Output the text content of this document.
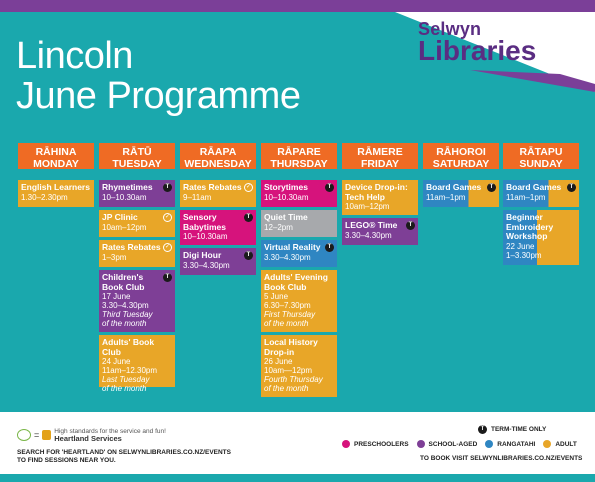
Selwyn
Libraries
Lincoln
June Programme
RĀHINA
MONDAY
English Learners
1.30–2.30pm
RĀTŪ
TUESDAY
Rhymetimes
10–10.30am
T
JP Clinic
10am–12pm
✓
Rates Rebates
1–3pm
✓
Children's
Book Club
17 June
3.30–4.30pm
Third Tuesday
of the month
T
Adults' Book Club
24 June
11am–12.30pm
Last Tuesday
of the month
RĀAPA
WEDNESDAY
Rates Rebates
9–11am
✓
Sensory
Babytimes
10–10.30am
T
Digi Hour
3.30–4.30pm
T
RĀPARE
THURSDAY
Storytimes
10–10.30am
T
Quiet Time
12–2pm
Virtual Reality
3.30–4.30pm
T
Adults' Evening
Book Club
5 June
6.30–7.30pm
First Thursday
of the month
Local History
Drop-in
26 June
10am—12pm
Fourth Thursday
of the month
RĀMERE
FRIDAY
Device Drop-in:
Tech Help
10am–12pm
LEGO® Time
3.30–4.30pm
T
RĀHOROI
SATURDAY
Board Games
11am–1pm
T
RĀTAPU
SUNDAY
Board Games
11am–1pm
T
Beginner
Embroidery
Workshop
22 June
1–3.30pm
= High standards for the service and fun!
Heartland Services
SEARCH FOR 'HEARTLAND' ON SELWYNLIBRARIES.CO.NZ/EVENTS
TO FIND SESSIONS NEAR YOU.
T	TERM-TIME ONLY
PRESCHOOLERS	SCHOOL-AGED	RANGATAHI	ADULT
TO BOOK VISIT SELWYNLIBRARIES.CO.NZ/EVENTS
